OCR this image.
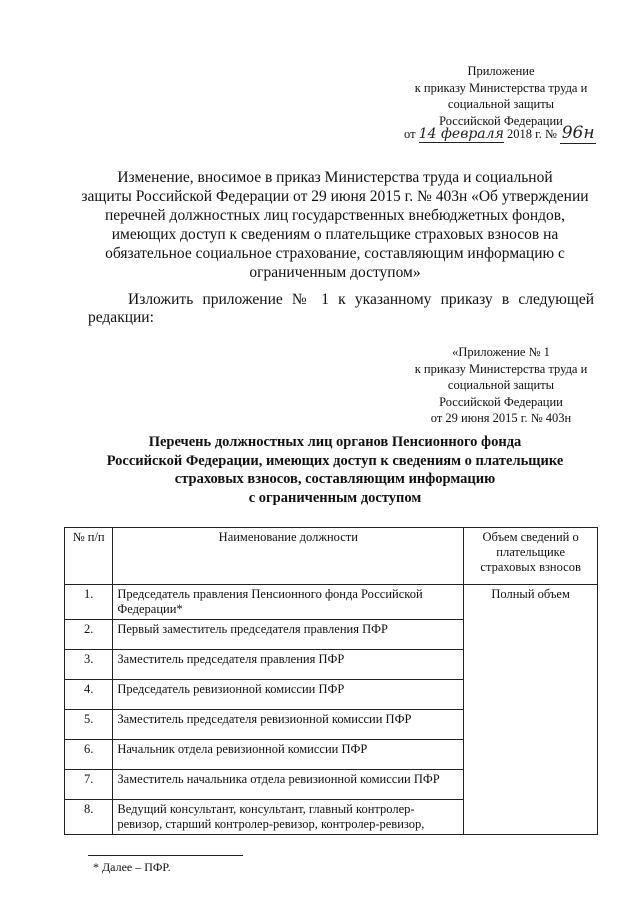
Приложение
к приказу Министерства труда и
социальной защиты
Российской Федерации
от 14 февраля 2018 г. № 96н
Изменение, вносимое в приказ Министерства труда и социальной
защиты Российской Федерации от 29 июня 2015 г. № 403н «Об утверждении
перечней должностных лиц государственных внебюджетных фондов,
имеющих доступ к сведениям о плательщике страховых взносов на
обязательное социальное страхование, составляющим информацию с
ограниченным доступом»
Изложить приложение № 1 к указанному приказу в следующей
редакции:
«Приложение № 1
к приказу Министерства труда и
социальной защиты
Российской Федерации
от 29 июня 2015 г. № 403н
Перечень должностных лиц органов Пенсионного фонда
Российской Федерации, имеющих доступ к сведениям о плательщике
страховых взносов, составляющим информацию
с ограниченным доступом
№ п/п	Наименование должности	Объем сведений о плательщике страховых взносов
1.	Председатель правления Пенсионного фонда Российской Федерации*	Полный объем
2.	Первый заместитель председателя правления ПФР	
3.	Заместитель председателя правления ПФР	
4.	Председатель ревизионной комиссии ПФР	
5.	Заместитель председателя ревизионной комиссии ПФР	
6.	Начальник отдела ревизионной комиссии ПФР	
7.	Заместитель начальника отдела ревизионной комиссии ПФР	
8.	Ведущий консультант, консультант, главный контролер-ревизор, старший контролер-ревизор, контролер-ревизор,	
* Далее – ПФР.
